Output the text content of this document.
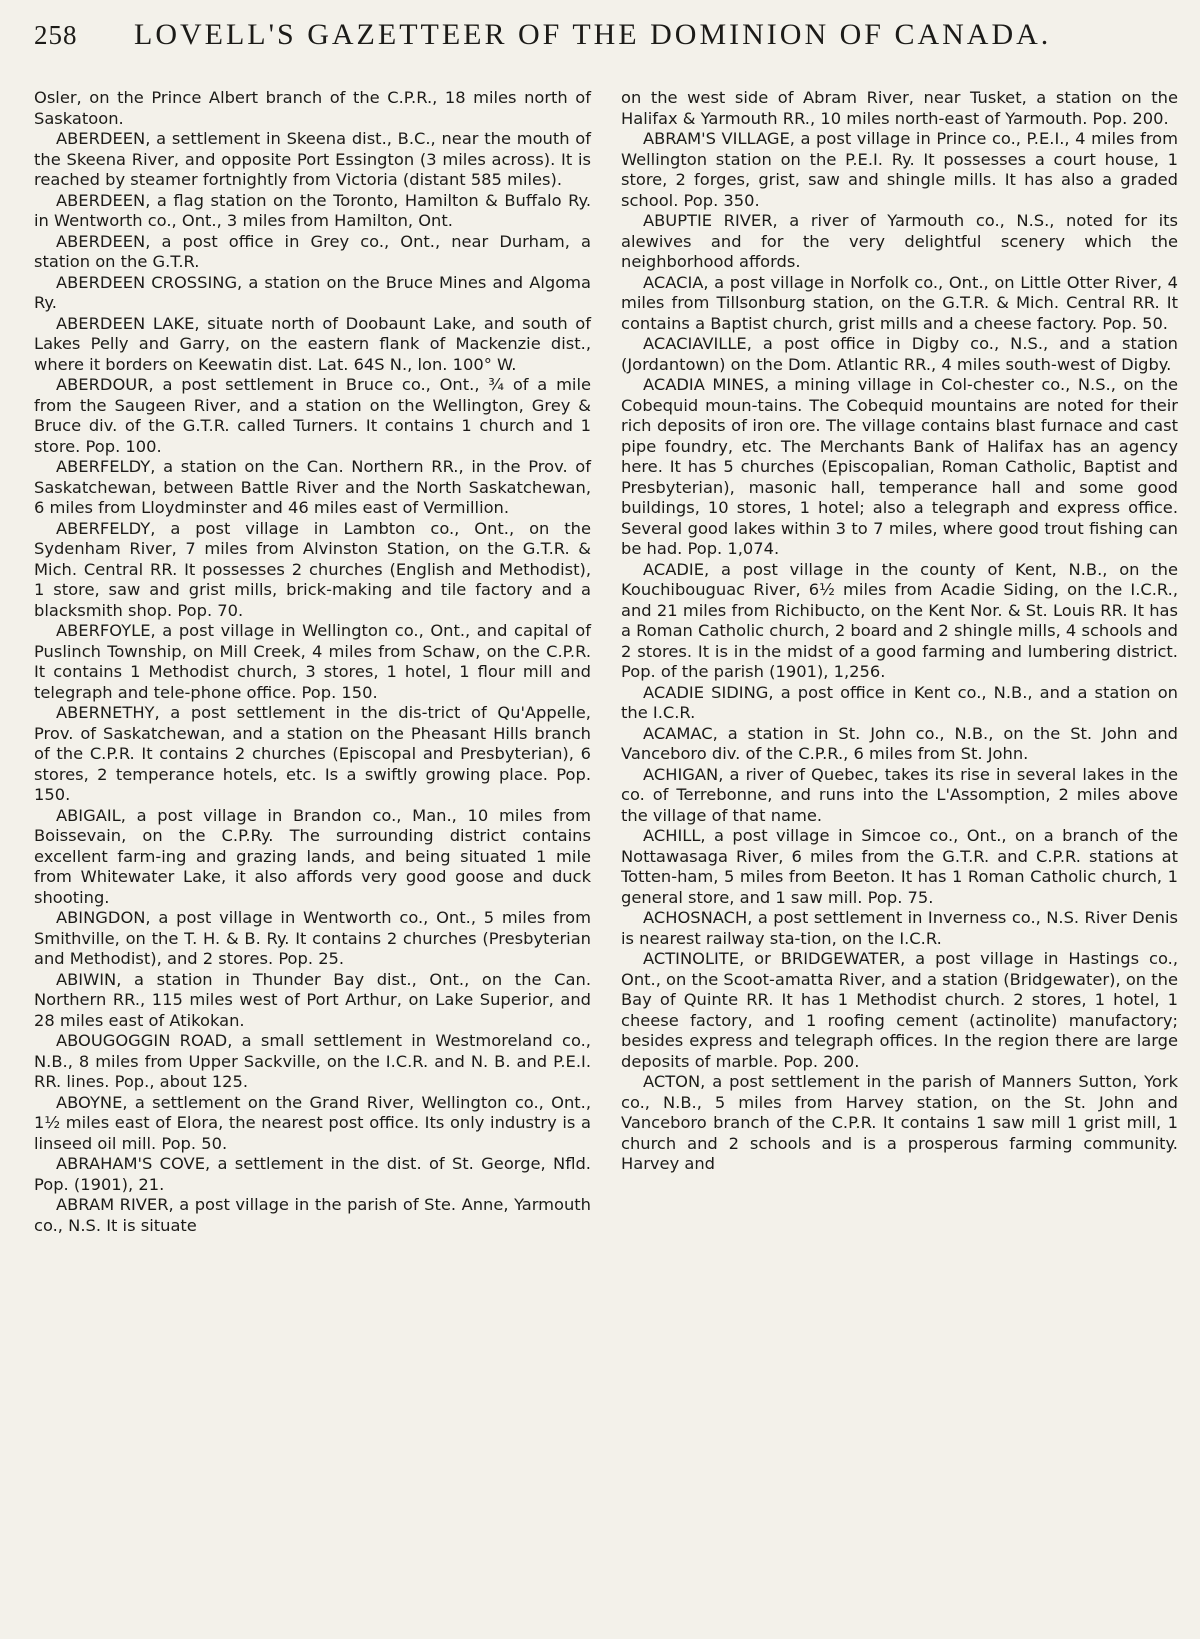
258	LOVELL'S GAZETTEER OF THE DOMINION OF CANADA.

Osler, on the Prince Albert branch of the C.P.R., 18 miles north of Saskatoon.

ABERDEEN, a settlement in Skeena dist., B.C., near the mouth of the Skeena River, and opposite Port Essington (3 miles across). It is reached by steamer fortnightly from Victoria (distant 585 miles).

ABERDEEN, a flag station on the Toronto, Hamilton & Buffalo Ry. in Wentworth co., Ont., 3 miles from Hamilton, Ont.

ABERDEEN, a post office in Grey co., Ont., near Durham, a station on the G.T.R.

ABERDEEN CROSSING, a station on the Bruce Mines and Algoma Ry.

ABERDEEN LAKE, situate north of Doobaunt Lake, and south of Lakes Pelly and Garry, on the eastern flank of Mackenzie dist., where it borders on Keewatin dist. Lat. 64S N., lon. 100° W.

ABERDOUR, a post settlement in Bruce co., Ont., ¾ of a mile from the Saugeen River, and a station on the Wellington, Grey & Bruce div. of the G.T.R. called Turners. It contains 1 church and 1 store. Pop. 100.

ABERFELDY, a station on the Can. Northern RR., in the Prov. of Saskatchewan, between Battle River and the North Saskatchewan, 6 miles from Lloydminster and 46 miles east of Vermillion.

ABERFELDY, a post village in Lambton co., Ont., on the Sydenham River, 7 miles from Alvinston Station, on the G.T.R. & Mich. Central RR. It possesses 2 churches (English and Methodist), 1 store, saw and grist mills, brick-making and tile factory and a blacksmith shop. Pop. 70.

ABERFOYLE, a post village in Wellington co., Ont., and capital of Puslinch Township, on Mill Creek, 4 miles from Schaw, on the C.P.R. It contains 1 Methodist church, 3 stores, 1 hotel, 1 flour mill and telegraph and tele-phone office. Pop. 150.

ABERNETHY, a post settlement in the dis-trict of Qu'Appelle, Prov. of Saskatchewan, and a station on the Pheasant Hills branch of the C.P.R. It contains 2 churches (Episcopal and Presbyterian), 6 stores, 2 temperance hotels, etc. Is a swiftly growing place. Pop. 150.

ABIGAIL, a post village in Brandon co., Man., 10 miles from Boissevain, on the C.P.Ry. The surrounding district contains excellent farm-ing and grazing lands, and being situated 1 mile from Whitewater Lake, it also affords very good goose and duck shooting.

ABINGDON, a post village in Wentworth co., Ont., 5 miles from Smithville, on the T. H. & B. Ry. It contains 2 churches (Presbyterian and Methodist), and 2 stores. Pop. 25.

ABIWIN, a station in Thunder Bay dist., Ont., on the Can. Northern RR., 115 miles west of Port Arthur, on Lake Superior, and 28 miles east of Atikokan.

ABOUGOGGIN ROAD, a small settlement in Westmoreland co., N.B., 8 miles from Upper Sackville, on the I.C.R. and N. B. and P.E.I. RR. lines. Pop., about 125.

ABOYNE, a settlement on the Grand River, Wellington co., Ont., 1½ miles east of Elora, the nearest post office. Its only industry is a linseed oil mill. Pop. 50.

ABRAHAM'S COVE, a settlement in the dist. of St. George, Nfld. Pop. (1901), 21.

ABRAM RIVER, a post village in the parish of Ste. Anne, Yarmouth co., N.S. It is situate

on the west side of Abram River, near Tusket, a station on the Halifax & Yarmouth RR., 10 miles north-east of Yarmouth. Pop. 200.

ABRAM'S VILLAGE, a post village in Prince co., P.E.I., 4 miles from Wellington station on the P.E.I. Ry. It possesses a court house, 1 store, 2 forges, grist, saw and shingle mills. It has also a graded school. Pop. 350.

ABUPTIE RIVER, a river of Yarmouth co., N.S., noted for its alewives and for the very delightful scenery which the neighborhood affords.

ACACIA, a post village in Norfolk co., Ont., on Little Otter River, 4 miles from Tillsonburg station, on the G.T.R. & Mich. Central RR. It contains a Baptist church, grist mills and a cheese factory. Pop. 50.

ACACIAVILLE, a post office in Digby co., N.S., and a station (Jordantown) on the Dom. Atlantic RR., 4 miles south-west of Digby.

ACADIA MINES, a mining village in Col-chester co., N.S., on the Cobequid moun-tains. The Cobequid mountains are noted for their rich deposits of iron ore. The village contains blast furnace and cast pipe foundry, etc. The Merchants Bank of Halifax has an agency here. It has 5 churches (Episcopalian, Roman Catholic, Baptist and Presbyterian), masonic hall, temperance hall and some good buildings, 10 stores, 1 hotel; also a telegraph and express office. Several good lakes within 3 to 7 miles, where good trout fishing can be had. Pop. 1,074.

ACADIE, a post village in the county of Kent, N.B., on the Kouchibouguac River, 6½ miles from Acadie Siding, on the I.C.R., and 21 miles from Richibucto, on the Kent Nor. & St. Louis RR. It has a Roman Catholic church, 2 board and 2 shingle mills, 4 schools and 2 stores. It is in the midst of a good farming and lumbering district. Pop. of the parish (1901), 1,256.

ACADIE SIDING, a post office in Kent co., N.B., and a station on the I.C.R.

ACAMAC, a station in St. John co., N.B., on the St. John and Vanceboro div. of the C.P.R., 6 miles from St. John.

ACHIGAN, a river of Quebec, takes its rise in several lakes in the co. of Terrebonne, and runs into the L'Assomption, 2 miles above the village of that name.

ACHILL, a post village in Simcoe co., Ont., on a branch of the Nottawasaga River, 6 miles from the G.T.R. and C.P.R. stations at Totten-ham, 5 miles from Beeton. It has 1 Roman Catholic church, 1 general store, and 1 saw mill. Pop. 75.

ACHOSNACH, a post settlement in Inverness co., N.S. River Denis is nearest railway sta-tion, on the I.C.R.

ACTINOLITE, or BRIDGEWATER, a post village in Hastings co., Ont., on the Scoot-amatta River, and a station (Bridgewater), on the Bay of Quinte RR. It has 1 Methodist church. 2 stores, 1 hotel, 1 cheese factory, and 1 roofing cement (actinolite) manufactory; besides express and telegraph offices. In the region there are large deposits of marble. Pop. 200.

ACTON, a post settlement in the parish of Manners Sutton, York co., N.B., 5 miles from Harvey station, on the St. John and Vanceboro branch of the C.P.R. It contains 1 saw mill 1 grist mill, 1 church and 2 schools and is a prosperous farming community. Harvey and
